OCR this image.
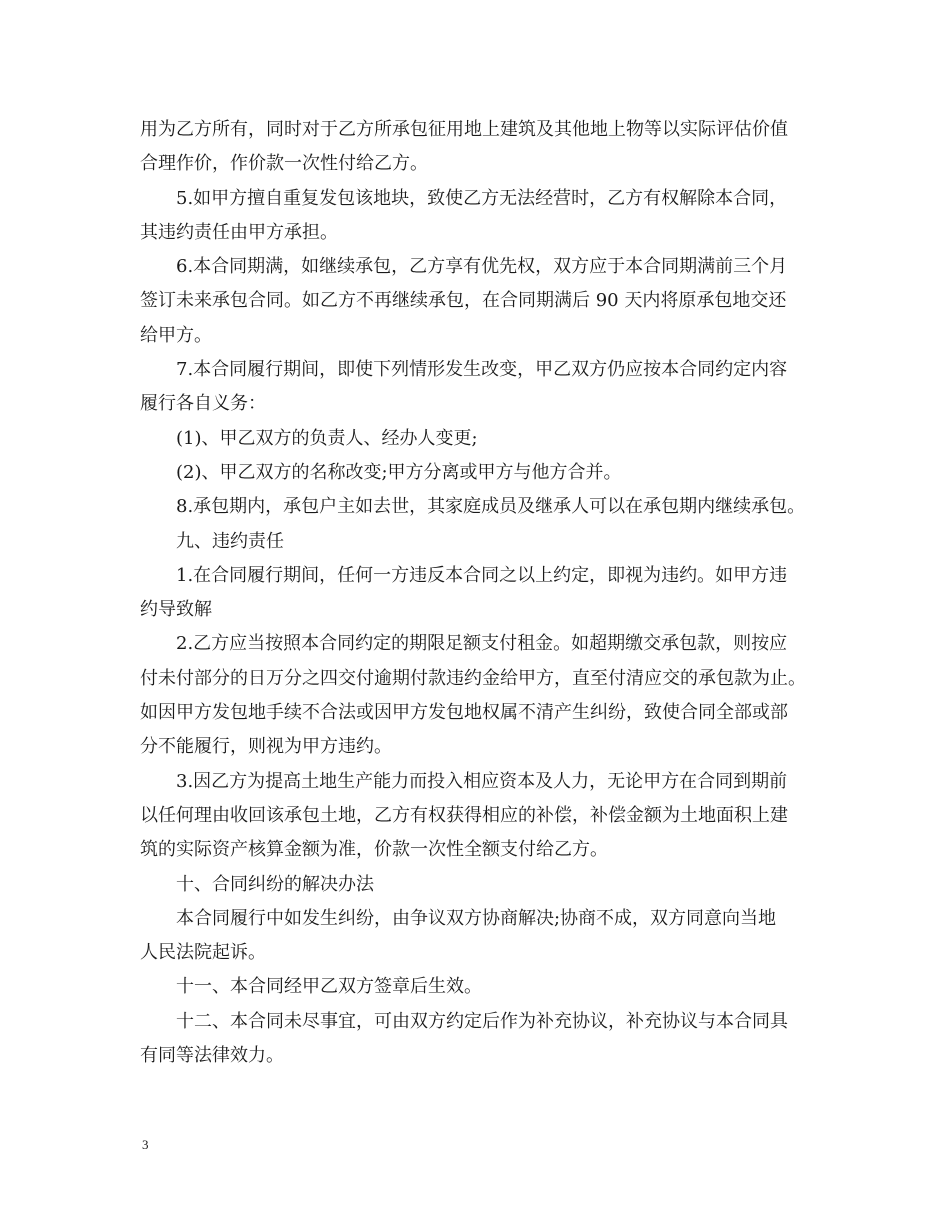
用为乙方所有，同时对于乙方所承包征用地上建筑及其他地上物等以实际评估价值
合理作价，作价款一次性付给乙方。
5.如甲方擅自重复发包该地块，致使乙方无法经营时，乙方有权解除本合同，
其违约责任由甲方承担。
6.本合同期满，如继续承包，乙方享有优先权，双方应于本合同期满前三个月
签订未来承包合同。如乙方不再继续承包，在合同期满后 90 天内将原承包地交还
给甲方。
7.本合同履行期间，即使下列情形发生改变，甲乙双方仍应按本合同约定内容
履行各自义务：
(1)、甲乙双方的负责人、经办人变更;
(2)、甲乙双方的名称改变;甲方分离或甲方与他方合并。
8.承包期内，承包户主如去世，其家庭成员及继承人可以在承包期内继续承包。
九、违约责任
1.在合同履行期间，任何一方违反本合同之以上约定，即视为违约。如甲方违
约导致解
2.乙方应当按照本合同约定的期限足额支付租金。如超期缴交承包款，则按应
付未付部分的日万分之四交付逾期付款违约金给甲方，直至付清应交的承包款为止。
如因甲方发包地手续不合法或因甲方发包地权属不清产生纠纷，致使合同全部或部
分不能履行，则视为甲方违约。
3.因乙方为提高土地生产能力而投入相应资本及人力，无论甲方在合同到期前
以任何理由收回该承包土地，乙方有权获得相应的补偿，补偿金额为土地面积上建
筑的实际资产核算金额为准，价款一次性全额支付给乙方。
十、合同纠纷的解决办法
本合同履行中如发生纠纷，由争议双方协商解决;协商不成，双方同意向当地
人民法院起诉。
十一、本合同经甲乙双方签章后生效。
十二、本合同未尽事宜，可由双方约定后作为补充协议，补充协议与本合同具
有同等法律效力。
3
